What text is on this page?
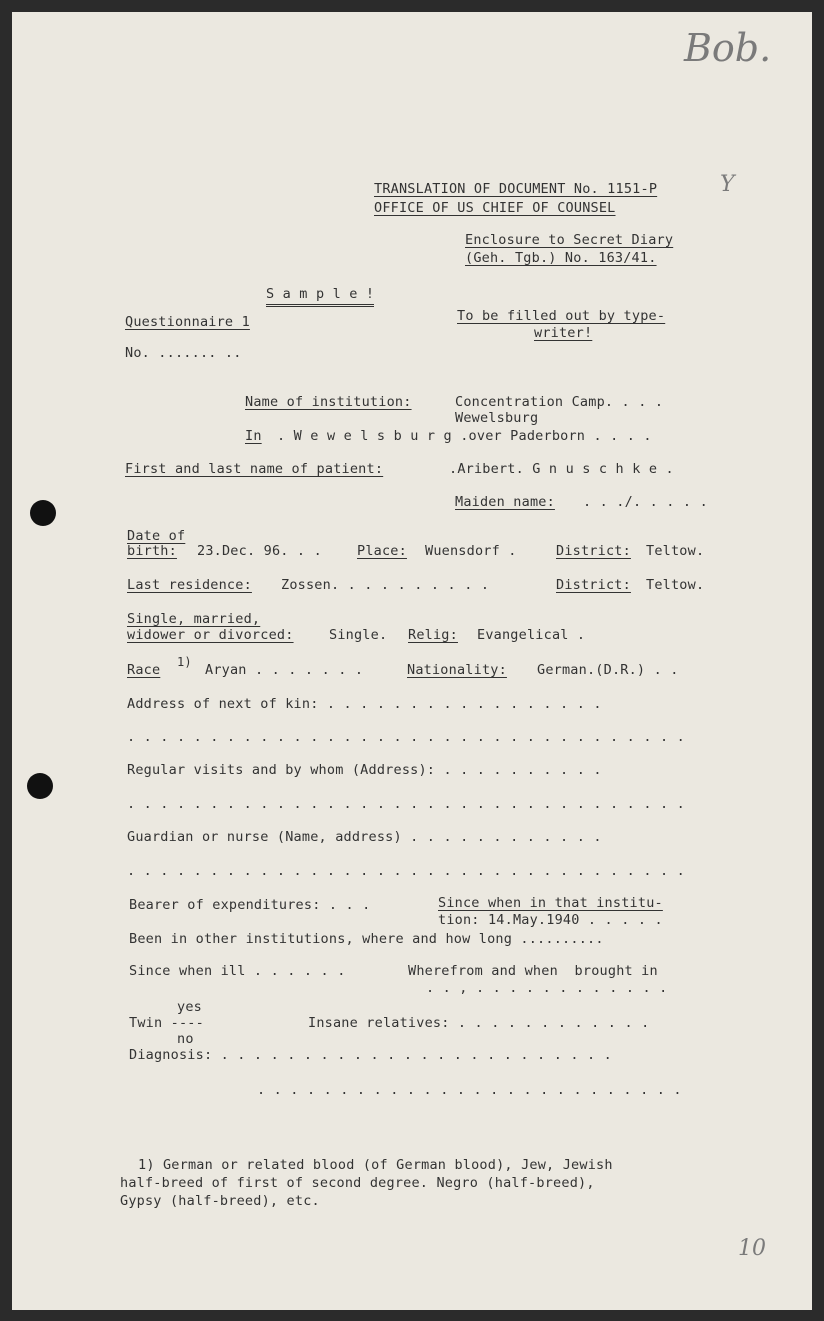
Bob.
TRANSLATION OF DOCUMENT No. 1151-P	Y
OFFICE OF US CHIEF OF COUNSEL
Enclosure to Secret Diary
(Geh. Tgb.) No. 163/41.
S a m p l e !
Questionnaire 1	To be filled out by type-
writer!
No. ....... ..
Name of institution:	Concentration Camp. . . .
Wewelsburg
In . W e w e l s b u r g .over Paderborn . . . .
First and last name of patient:	.Aribert. G n u s c h k e .
Maiden name: . . ./. . . . .
Date of
birth: 23.Dec. 96. . .	Place: Wuensdorf .	District: Teltow.
Last residence: Zossen. . . . . . . . . .	District: Teltow.
Single, married,
widower or divorced:	Single. Relig: Evangelical .
Race 1) Aryan . . . . . . .	Nationality: German.(D.R.) . .
Address of next of kin: . . . . . . . . . . . . . . . . .
. . . . . . . . . . . . . . . . . . . . . . . . . . . . . . . . . .
Regular visits and by whom (Address): . . . . . . . . . .
. . . . . . . . . . . . . . . . . . . . . . . . . . . . . . . . . .
Guardian or nurse (Name, address) . . . . . . . . . . . .
. . . . . . . . . . . . . . . . . . . . . . . . . . . . . . . . . .
Bearer of expenditures: . . .	Since when in that institu-
tion: 14.May.1940 . . . . .
Been in other institutions, where and how long ..........
Since when ill . . . . . .	Wherefrom and when  brought in
. . , . . . . . . . . . . . .
yes
Twin ----
no
Insane relatives: . . . . . . . . . . . .
Diagnosis: . . . . . . . . . . . . . . . . . . . . . . . .
. . . . . . . . . . . . . . . . . . . . . . . . . .
1) German or related blood (of German blood), Jew, Jewish
half-breed of first of second degree. Negro (half-breed),
Gypsy (half-breed), etc.
10
